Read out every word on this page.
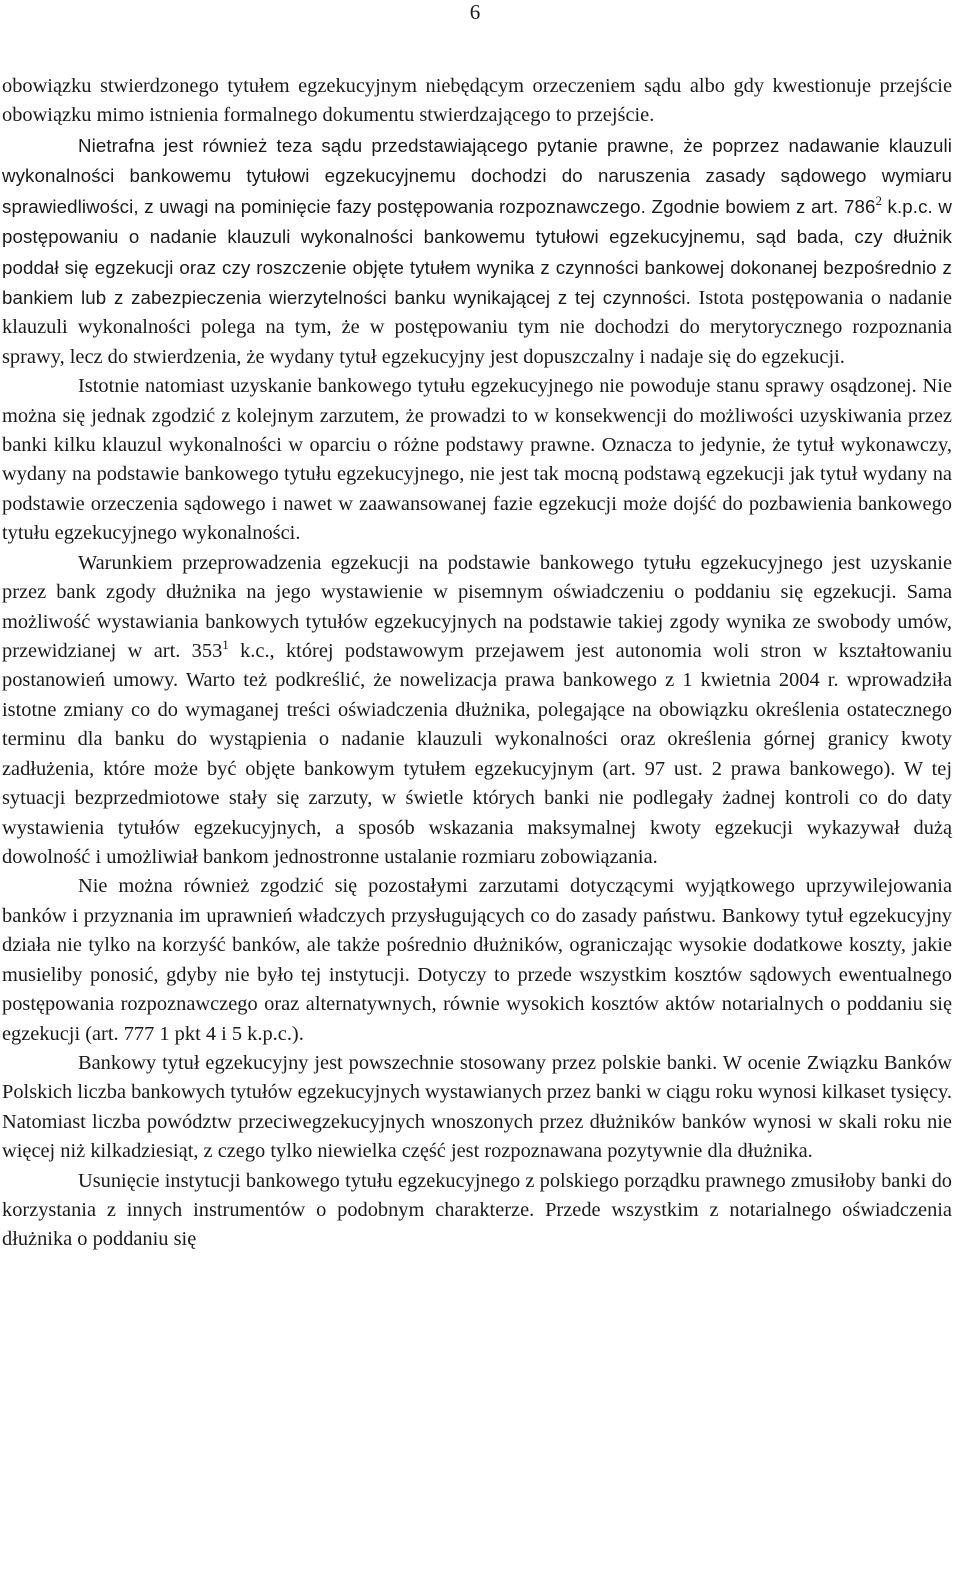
6

obowiązku stwierdzonego tytułem egzekucyjnym niebędącym orzeczeniem sądu albo gdy kwestionuje przejście obowiązku mimo istnienia formalnego dokumentu stwierdzającego to przejście.

Nietrafna jest również teza sądu przedstawiającego pytanie prawne, że poprzez nadawanie klauzuli wykonalności bankowemu tytułowi egzekucyjnemu dochodzi do naruszenia zasady sądowego wymiaru sprawiedliwości, z uwagi na pominięcie fazy postępowania rozpoznawczego. Zgodnie bowiem z art. $786^2$ k.p.c. w postępowaniu o nadanie klauzuli wykonalności bankowemu tytułowi egzekucyjnemu, sąd bada, czy dłużnik poddał się egzekucji oraz czy roszczenie objęte tytułem wynika z czynności bankowej dokonanej bezpośrednio z bankiem lub z zabezpieczenia wierzytelności banku wynikającej z tej czynności. Istota postępowania o nadanie klauzuli wykonalności polega na tym, że w postępowaniu tym nie dochodzi do merytorycznego rozpoznania sprawy, lecz do stwierdzenia, że wydany tytuł egzekucyjny jest dopuszczalny i nadaje się do egzekucji.

Istotnie natomiast uzyskanie bankowego tytułu egzekucyjnego nie powoduje stanu sprawy osądzonej. Nie można się jednak zgodzić z kolejnym zarzutem, że prowadzi to w konsekwencji do możliwości uzyskiwania przez banki kilku klauzul wykonalności w oparciu o różne podstawy prawne. Oznacza to jedynie, że tytuł wykonawczy, wydany na podstawie bankowego tytułu egzekucyjnego, nie jest tak mocną podstawą egzekucji jak tytuł wydany na podstawie orzeczenia sądowego i nawet w zaawansowanej fazie egzekucji może dojść do pozbawienia bankowego tytułu egzekucyjnego wykonalności.

Warunkiem przeprowadzenia egzekucji na podstawie bankowego tytułu egzekucyjnego jest uzyskanie przez bank zgody dłużnika na jego wystawienie w pisemnym oświadczeniu o poddaniu się egzekucji. Sama możliwość wystawiania bankowych tytułów egzekucyjnych na podstawie takiej zgody wynika ze swobody umów, przewidzianej w art. $353^1$ k.c., której podstawowym przejawem jest autonomia woli stron w kształtowaniu postanowień umowy. Warto też podkreślić, że nowelizacja prawa bankowego z 1 kwietnia 2004 r. wprowadziła istotne zmiany co do wymaganej treści oświadczenia dłużnika, polegające na obowiązku określenia ostatecznego terminu dla banku do wystąpienia o nadanie klauzuli wykonalności oraz określenia górnej granicy kwoty zadłużenia, które może być objęte bankowym tytułem egzekucyjnym (art. 97 ust. 2 prawa bankowego). W tej sytuacji bezprzedmiotowe stały się zarzuty, w świetle których banki nie podlegały żadnej kontroli co do daty wystawienia tytułów egzekucyjnych, a sposób wskazania maksymalnej kwoty egzekucji wykazywał dużą dowolność i umożliwiał bankom jednostronne ustalanie rozmiaru zobowiązania.

Nie można również zgodzić się pozostałymi zarzutami dotyczącymi wyjątkowego uprzywilejowania banków i przyznania im uprawnień władczych przysługujących co do zasady państwu. Bankowy tytuł egzekucyjny działa nie tylko na korzyść banków, ale także pośrednio dłużników, ograniczając wysokie dodatkowe koszty, jakie musieliby ponosić, gdyby nie było tej instytucji. Dotyczy to przede wszystkim kosztów sądowych ewentualnego postępowania rozpoznawczego oraz alternatywnych, równie wysokich kosztów aktów notarialnych o poddaniu się egzekucji (art. 777 1 pkt 4 i 5 k.p.c.).

Bankowy tytuł egzekucyjny jest powszechnie stosowany przez polskie banki. W ocenie Związku Banków Polskich liczba bankowych tytułów egzekucyjnych wystawianych przez banki w ciągu roku wynosi kilkaset tysięcy. Natomiast liczba powództw przeciwegzekucyjnych wnoszonych przez dłużników banków wynosi w skali roku nie więcej niż kilkadziesiąt, z czego tylko niewielka część jest rozpoznawana pozytywnie dla dłużnika.

Usunięcie instytucji bankowego tytułu egzekucyjnego z polskiego porządku prawnego zmusiłoby banki do korzystania z innych instrumentów o podobnym charakterze. Przede wszystkim z notarialnego oświadczenia dłużnika o poddaniu się
